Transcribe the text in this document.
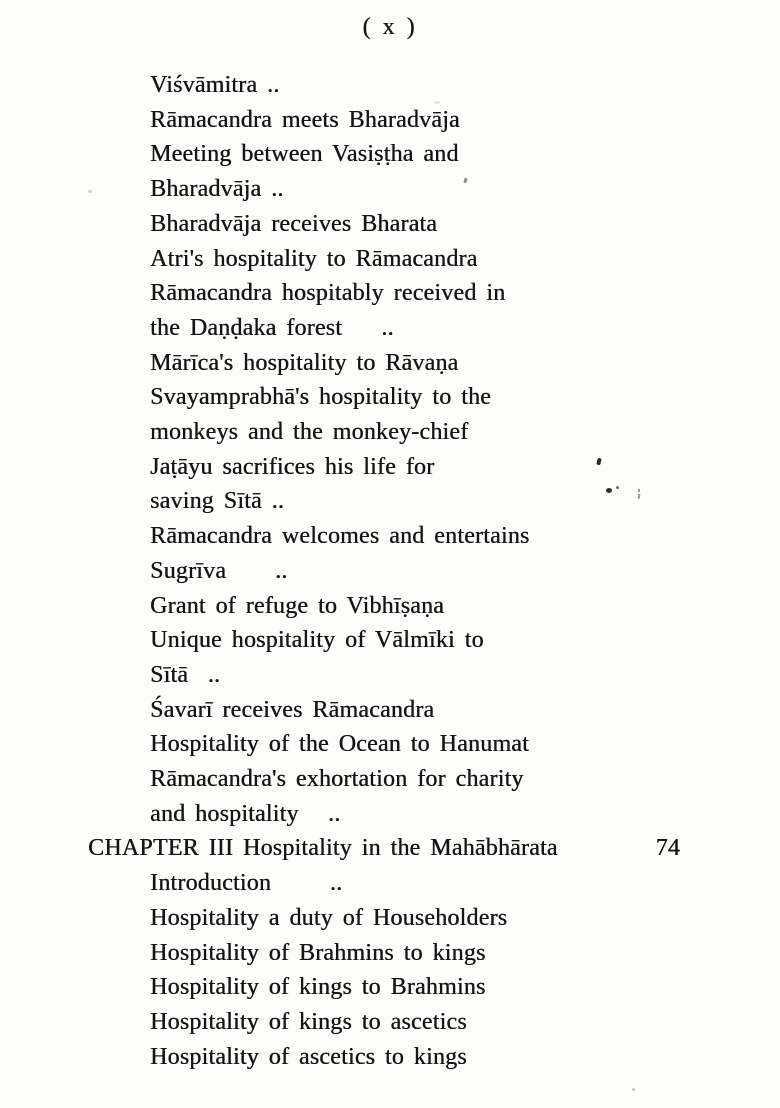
( x )
Viśvāmitra ..
Rāmacandra meets Bharadvāja
Meeting between Vasiṣṭha and
Bharadvāja ..
Bharadvāja receives Bharata
Atri's hospitality to Rāmacandra
Rāmacandra hospitably received in
the Daṇḍaka forest    ..
Mārīca's hospitality to Rāvaṇa
Svayamprabhā's hospitality to the
monkeys and the monkey-chief
Jaṭāyu sacrifices his life for
saving Sītā ..
Rāmacandra welcomes and entertains
Sugrīva     ..
Grant of refuge to Vibhīṣaṇa
Unique hospitality of Vālmīki to
Sītā  ..
Śavarī receives Rāmacandra
Hospitality of the Ocean to Hanumat
Rāmacandra's exhortation for charity
and hospitality   ..
CHAPTER III Hospitality in the Mahābhārata	74
Introduction      ..
Hospitality a duty of Householders
Hospitality of Brahmins to kings
Hospitality of kings to Brahmins
Hospitality of kings to ascetics
Hospitality of ascetics to kings
